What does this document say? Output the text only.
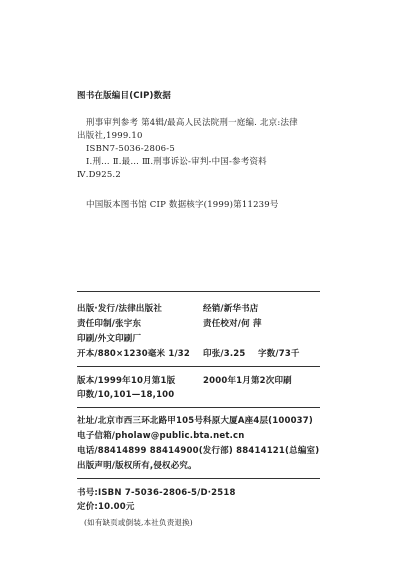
图书在版编目(CIP)数据
刑事审判参考 第4辑/最高人民法院刑一庭编. 北京:法律
出版社,1999.10
ISBN7-5036-2806-5
Ⅰ.刑… Ⅱ.最… Ⅲ.刑事诉讼-审判-中国-参考资料
Ⅳ.D925.2
中国版本图书馆 CIP 数据核字(1999)第11239号
出版·发行/法律出版社	经销/新华书店
责任印制/张宇东	责任校对/何 萍
印刷/外文印刷厂
开本/880×1230毫米 1/32 印张/3.25 字数/73千
版本/1999年10月第1版	2000年1月第2次印刷
印数/10,101—18,100
社址/北京市西三环北路甲105号科原大厦A座4层(100037)
电子信箱/pholaw@public.bta.net.cn
电话/88414899 88414900(发行部) 88414121(总编室)
出版声明/版权所有,侵权必究。
书号:ISBN 7-5036-2806-5/D·2518
定价:10.00元
(如有缺页或倒装,本社负责退换)
